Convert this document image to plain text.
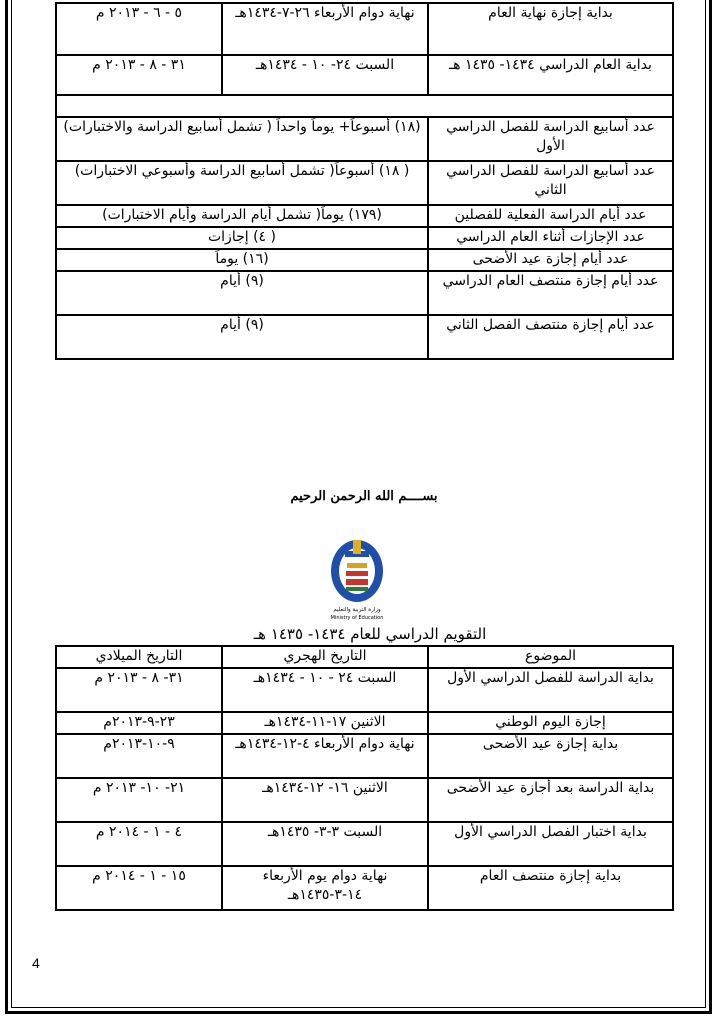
بداية إجازة نهاية العام	نهاية دوام الأربعاء ٢٦-٧-١٤٣٤هـ	٥ - ٦ - ٢٠١٣ م
بداية العام الدراسي ١٤٣٤- ١٤٣٥ هـ	السبت ٢٤- ١٠ - ١٤٣٤هـ	٣١ - ٨ - ٢٠١٣ م

عدد أسابيع الدراسة للفصل الدراسي الأول	(١٨) أسبوعاً+ يوماً واحداً ( تشمل أسابيع الدراسة والاختبارات)	
عدد أسابيع الدراسة للفصل الدراسي الثاني	( ١٨) أسبوعاً( تشمل أسابيع الدراسة وأسبوعي الاختبارات)	
عدد أيام الدراسة الفعلية للفصلين	(١٧٩) يوماً( تشمل أيام الدراسة وأيام الاختبارات)	
عدد الإجازات أثناء العام الدراسي	( ٤) إجازات	
عدد أيام إجازة عيد الأضحى	(١٦) يوماً	
عدد أيام إجازة منتصف العام الدراسي	(٩) أيام	
عدد أيام إجازة منتصف الفصل الثاني	(٩) أيام	
بســــم الله الرحمن الرحيم
وزارة التربية والتعليم
Ministry of Education
التقويم الدراسي للعام ١٤٣٤- ١٤٣٥ هـ
الموضوع	التاريخ الهجري	التاريخ الميلادي
بداية الدراسة للفصل الدراسي الأول	السبت ٢٤ - ١٠ - ١٤٣٤هـ	٣١- ٨ - ٢٠١٣ م
إجازة اليوم الوطني	الاثنين ١٧-١١-١٤٣٤هـ	٢٣-٩-٢٠١٣م
بداية إجازة عيد الأضحى	نهاية دوام الأربعاء ٤-١٢-١٤٣٤هـ	٩-١٠-٢٠١٣م
بداية الدراسة بعد أجازة عيد الأضحى	الاثنين ١٦- ١٢-١٤٣٤هـ	٢١- ١٠- ٢٠١٣ م
بداية اختبار الفصل الدراسي الأول	السبت ٣-٣- ١٤٣٥هـ	٤ - ١ - ٢٠١٤ م
بداية إجازة منتصف العام	نهاية دوام يوم الأربعاء ١٤-٣-١٤٣٥هـ	١٥ - ١ - ٢٠١٤ م
4
